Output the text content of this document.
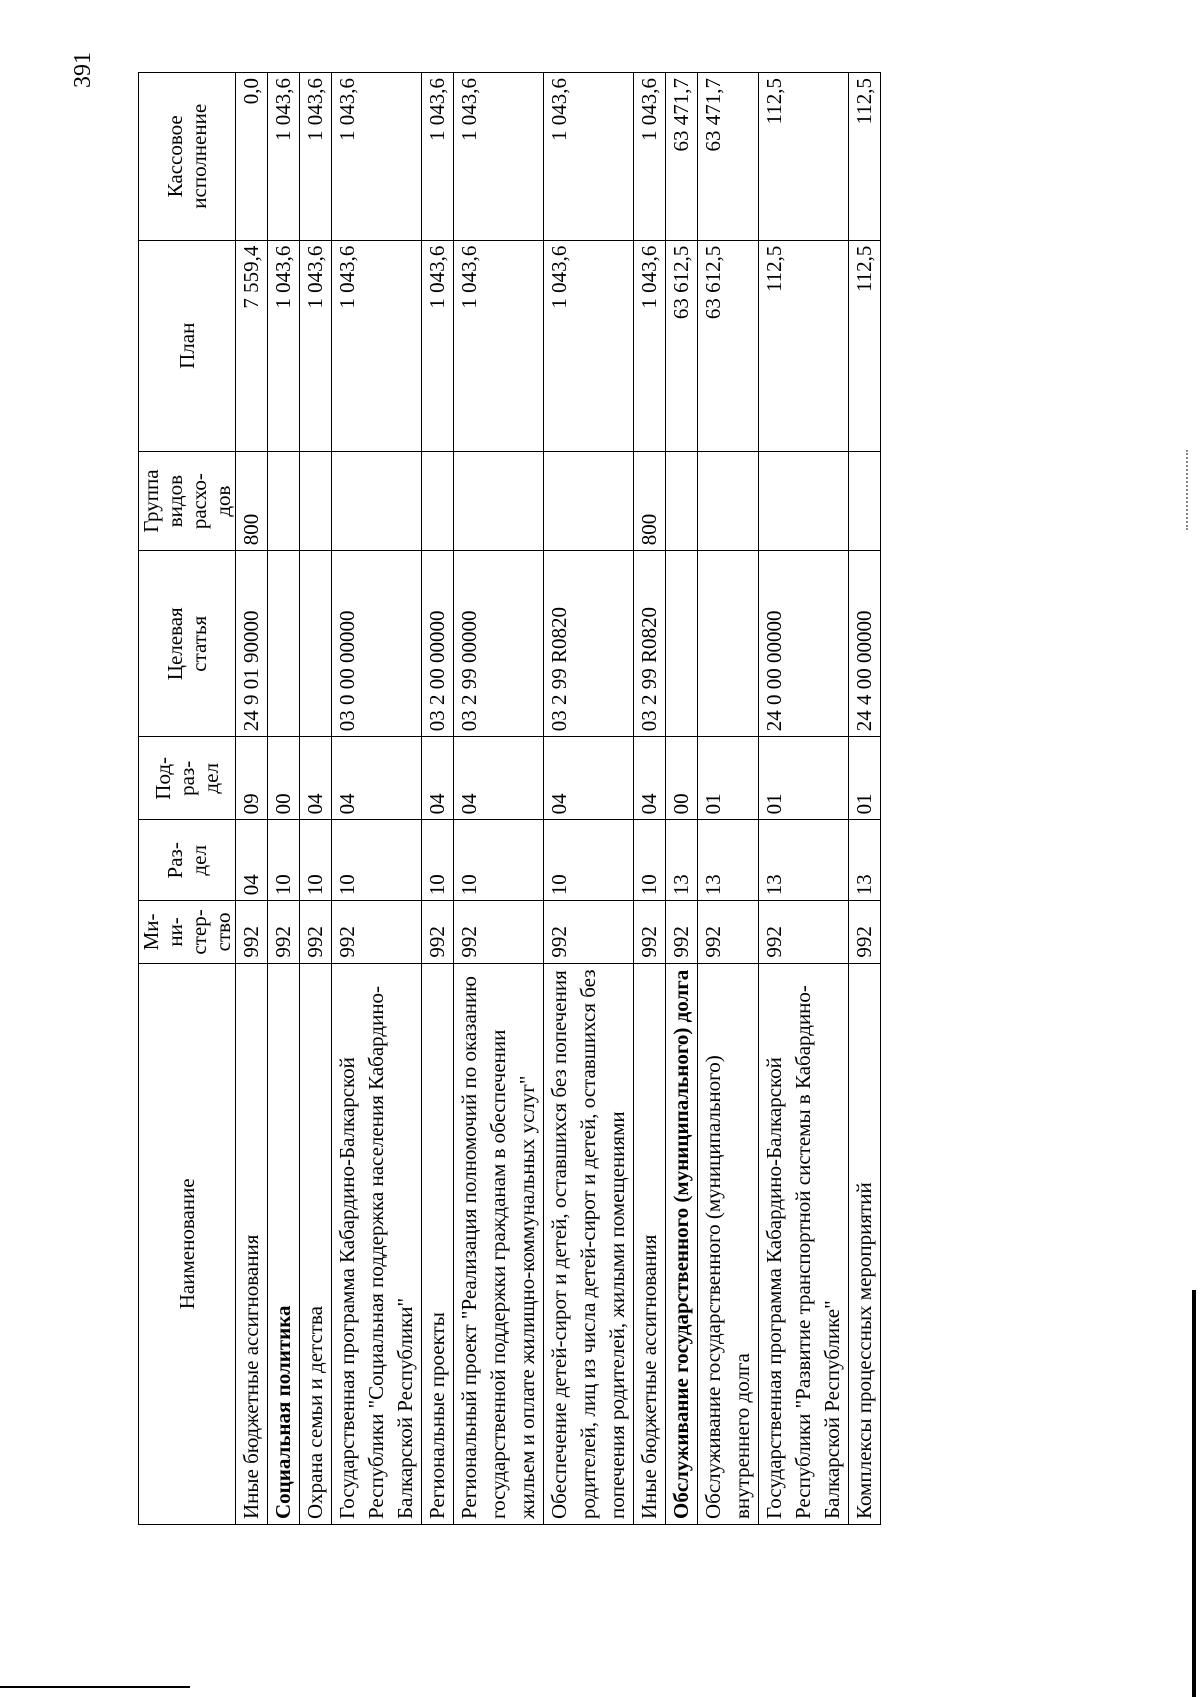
391
Наименование	Ми-
ни-
стер-
ство	Раз-
дел	Под-
раз-
дел	Целевая
статья	Группа
видов
расхо-
дов	План	Кассовое
исполнение
Иные бюджетные ассигнования	992	04	09	24 9 01 90000	800	7 559,4	0,0
Социальная политика	992	10	00			1 043,6	1 043,6
Охрана семьи и детства	992	10	04			1 043,6	1 043,6
Государственная программа Кабардино-Балкарской Республики "Социальная поддержка населения Кабардино-Балкарской Республики"	992	10	04	03 0 00 00000		1 043,6	1 043,6
Региональные проекты	992	10	04	03 2 00 00000		1 043,6	1 043,6
Региональный проект "Реализация полномочий по оказанию государственной поддержки гражданам в обеспечении жильем и оплате жилищно-коммунальных услуг"	992	10	04	03 2 99 00000		1 043,6	1 043,6
Обеспечение детей-сирот и детей, оставшихся без попечения родителей, лиц из числа детей-сирот и детей, оставшихся без попечения родителей, жилыми помещениями	992	10	04	03 2 99 R0820		1 043,6	1 043,6
Иные бюджетные ассигнования	992	10	04	03 2 99 R0820	800	1 043,6	1 043,6
Обслуживание государственного (муниципального) долга	992	13	00			63 612,5	63 471,7
Обслуживание государственного (муниципального) внутреннего долга	992	13	01			63 612,5	63 471,7
Государственная программа Кабардино-Балкарской Республики "Развитие транспортной системы в Кабардино-Балкарской Республике"	992	13	01	24 0 00 00000		112,5	112,5
Комплексы процессных мероприятий	992	13	01	24 4 00 00000		112,5	112,5
